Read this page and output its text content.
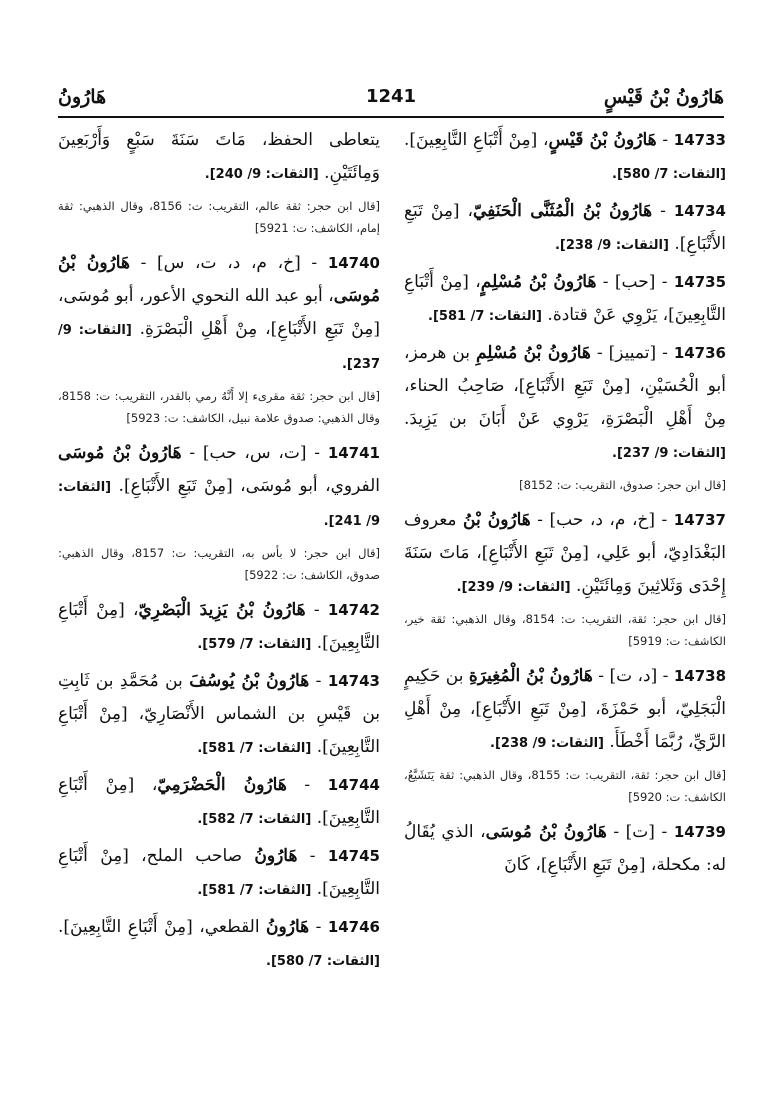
هَارُونُ بْنُ قَيْسٍ
1241
هَارُونُ

14733 - هَارُونُ بْنُ قَيْسٍ، [مِنْ أَتْبَاعِ التَّابِعِينَ]. [الثقات: 7/ 580].

14734 - هَارُونُ بْنُ الْمُثَنَّى الْحَنَفِيّ، [مِنْ تَبَعِ الأَتْبَاعِ]. [الثقات: 9/ 238].

14735 - [حب] - هَارُونُ بْنُ مُسْلِمٍ، [مِنْ أَتْبَاعِ التَّابِعِينَ]، يَرْوِي عَنْ قتادة. [الثقات: 7/ 581].

14736 - [تمييز] - هَارُونُ بْنُ مُسْلِمِ بن هرمز، أبو الْحُسَيْنِ، [مِنْ تَبَعِ الأَتْبَاعِ]، صَاحِبُ الحناء، مِنْ أَهْلِ الْبَصْرَةِ، يَرْوِي عَنْ أَبَانَ بن يَزِيدَ. [الثقات: 9/ 237].

[قال ابن حجر: صدوق، التقريب: ت: 8152]

14737 - [خ، م، د، حب] - هَارُونُ بْنُ معروف البَغْدَادِيّ، أبو عَلِي، [مِنْ تَبَعِ الأَتْبَاعِ]، مَاتَ سَنَةَ إِحْدَى وَثَلاثِينَ وَمِائَتَيْنِ. [الثقات: 9/ 239].

[قال ابن حجر: ثقة، التقريب: ت: 8154، وقال الذهبي: ثقة خير، الكاشف: ت: 5919]

14738 - [د، ت] - هَارُونُ بْنُ الْمُغِيرَةِ بن حَكِيمٍ الْبَجَلِيّ، أبو حَمْزَةَ، [مِنْ تَبَعِ الأَتْبَاعِ]، مِنْ أَهْلِ الرَّيِّ، رُبَّمَا أَخْطَأَ. [الثقات: 9/ 238].

[قال ابن حجر: ثقة، التقريب: ت: 8155، وقال الذهبي: ثقة يَتَشَيَّعُ، الكاشف: ت: 5920]

14739 - [ت] - هَارُونُ بْنُ مُوسَى، الذي يُقَالُ له: مكحلة، [مِنْ تَبَعِ الأَتْبَاعِ]، كَانَ

يتعاطى الحفظ، مَاتَ سَنَةَ سَبْعٍ وَأَرْبَعِينَ وَمِائَتَيْنِ. [الثقات: 9/ 240].

[قال ابن حجر: ثقة عالم، التقريب: ت: 8156، وقال الذهبي: ثقة إمام، الكاشف: ت: 5921]

14740 - [خ، م، د، ت، س] - هَارُونُ بْنُ مُوسَى، أبو عبد الله النحوي الأعور، أبو مُوسَى، [مِنْ تَبَعِ الأَتْبَاعِ]، مِنْ أَهْلِ الْبَصْرَةِ. [الثقات: 9/ 237].

[قال ابن حجر: ثقة مقرىء إلا أَنَّهُ رمي بالقدر، التقريب: ت: 8158، وقال الذهبي: صدوق علامة نبيل، الكاشف: ت: 5923]

14741 - [ت، س، حب] - هَارُونُ بْنُ مُوسَى الفروي، أبو مُوسَى، [مِنْ تَبَعِ الأَتْبَاعِ]. [الثقات: 9/ 241].

[قال ابن حجر: لا بأس به، التقريب: ت: 8157، وقال الذهبي: صدوق، الكاشف: ت: 5922]

14742 - هَارُونُ بْنُ يَزِيدَ الْبَصْرِيّ، [مِنْ أَتْبَاعِ التَّابِعِينَ]. [الثقات: 7/ 579].

14743 - هَارُونُ بْنُ يُوسُفَ بن مُحَمَّدِ بن ثَابِتِ بن قَيْسِ بن الشماس الأَنْصَارِيّ، [مِنْ أَتْبَاعِ التَّابِعِينَ]. [الثقات: 7/ 581].

14744 - هَارُونُ الْحَضْرَمِيّ، [مِنْ أَتْبَاعِ التَّابِعِينَ]. [الثقات: 7/ 582].

14745 - هَارُونُ صاحب الملح، [مِنْ أَتْبَاعِ التَّابِعِينَ]. [الثقات: 7/ 581].

14746 - هَارُونُ القطعي، [مِنْ أَتْبَاعِ التَّابِعِينَ]. [الثقات: 7/ 580].
